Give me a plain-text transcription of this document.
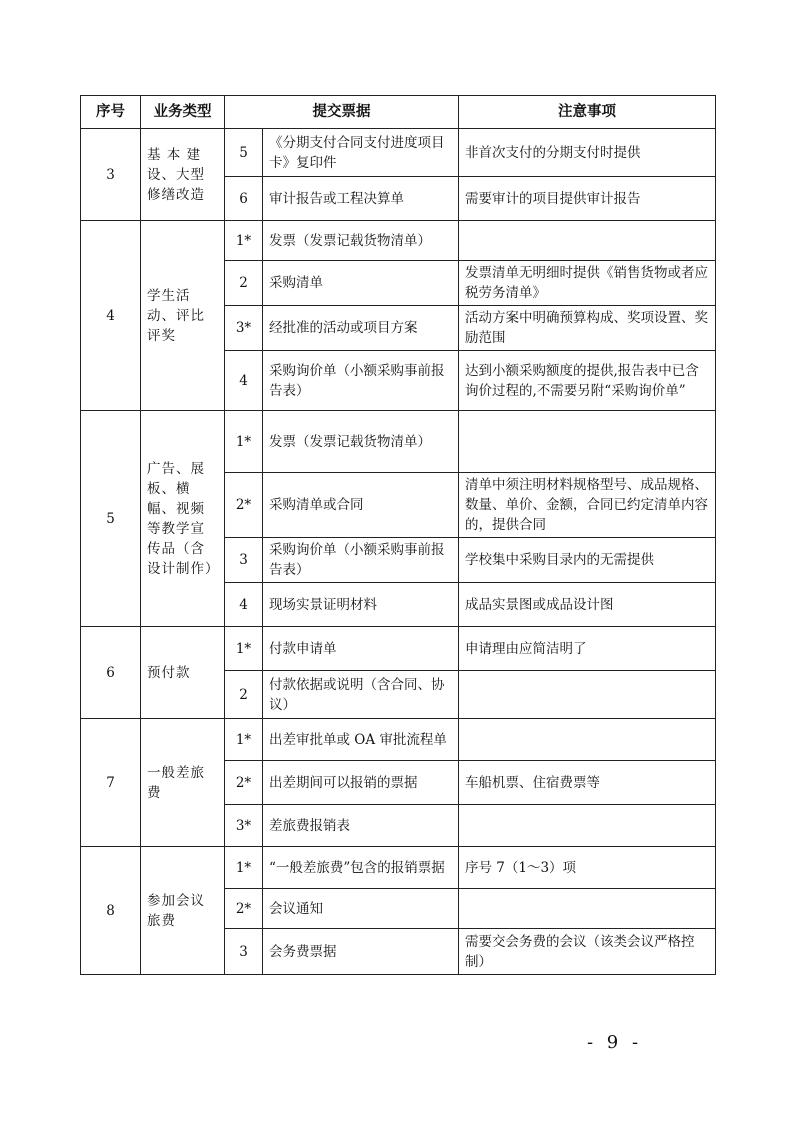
序号	业务类型	提交票据		注意事项
3	基 本 建 设、大型修缮改造	5	《分期支付合同支付进度项目卡》复印件	非首次支付的分期支付时提供
		6	审计报告或工程决算单	需要审计的项目提供审计报告
4	学生活动、评比评奖	1*	发票（发票记载货物清单）	
		2	采购清单	发票清单无明细时提供《销售货物或者应税劳务清单》
		3*	经批准的活动或项目方案	活动方案中明确预算构成、奖项设置、奖励范围
		4	采购询价单（小额采购事前报告表）	达到小额采购额度的提供,报告表中已含询价过程的,不需要另附“采购询价单”
5	广告、展板、横幅、视频等教学宣传品（含设计制作）	1*	发票（发票记载货物清单）	
		2*	采购清单或合同	清单中须注明材料规格型号、成品规格、数量、单价、金额，合同已约定清单内容的，提供合同
		3	采购询价单（小额采购事前报告表）	学校集中采购目录内的无需提供
		4	现场实景证明材料	成品实景图或成品设计图
6	预付款	1*	付款申请单	申请理由应简洁明了
		2	付款依据或说明（含合同、协议）	
7	一般差旅费	1*	出差审批单或 OA 审批流程单	
		2*	出差期间可以报销的票据	车船机票、住宿费票等
		3*	差旅费报销表	
8	参加会议旅费	1*	“一般差旅费”包含的报销票据	序号 7（1～3）项
		2*	会议通知	
		3	会务费票据	需要交会务费的会议（该类会议严格控制）
- 9 -
